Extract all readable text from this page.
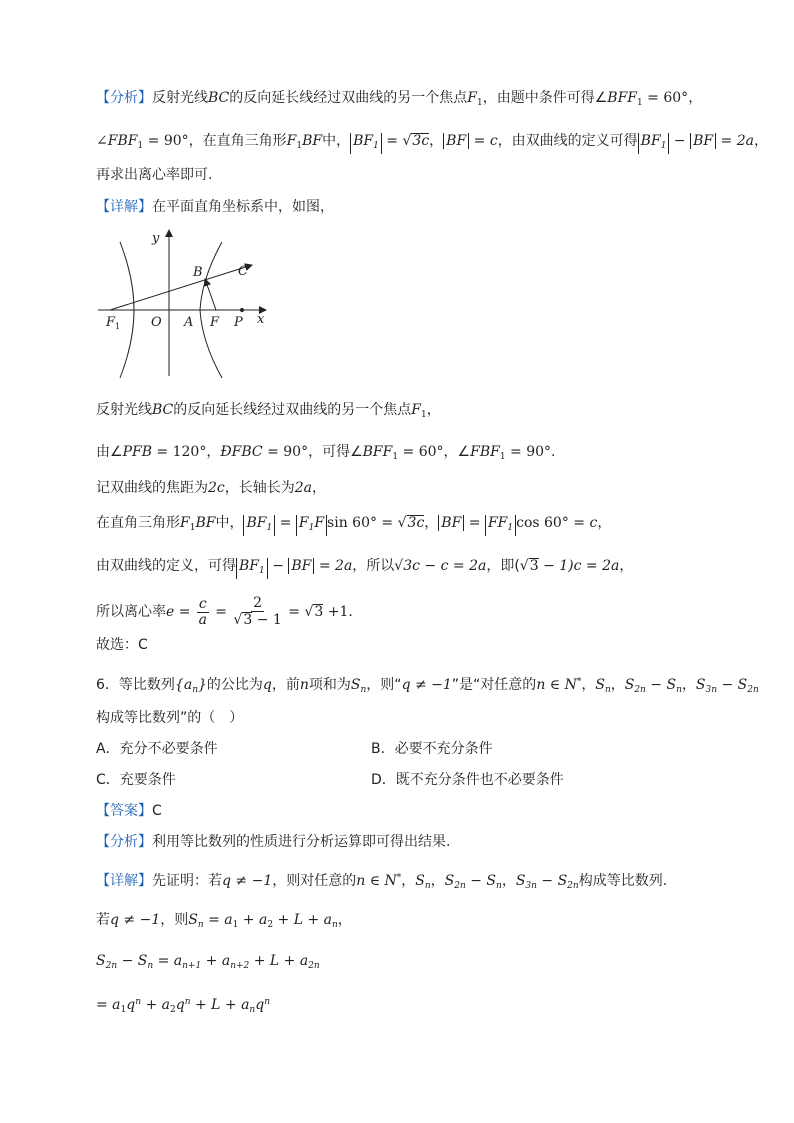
【分析】反射光线BC的反向延长线经过双曲线的另一个焦点$F_1$，由题中条件可得$\angle BFF_1 = 60^\circ$，
$\angle FBF_1 = 90^\circ$，在直角三角形$F_1BF$中， $BF_1 = √3c$， BF = c，由双曲线的定义可得 $BF_1$ − BF = 2a，
再求出离心率即可.
【详解】在平面直角坐标系中，如图，
y
x
B	C
F 1 O A F P
反射光线BC的反向延长线经过双曲线的另一个焦点$F_1$，
由∠PFB = 120°，ÐFBC = 90°，可得$\angle BFF_1 = 60^\circ$，$\angle FBF_1 = 90^\circ$.
记双曲线的焦距为2c，长轴长为2a，
在直角三角形$F_1BF$中， $BF_1 = F_1F$ sin 60° = √3c， BF = $FF_1$ cos 60° = c，
由双曲线的定义，可得 $BF_1$ − BF = 2a，所以√3c − c = 2a，即(√3 − 1)c = 2a，
所以离心率$e = \frac{c}{a} = \frac{2}{√3 - 1} = √3 +1$.
故选：C
6．等比数列$\{a_n\}$的公比为q，前n项和为$S_n$，则“q ≠ −1”是“对任意的n ∈ N*，$S_n$，$S_{2n} - S_n$，$S_{3n} - S_{2n}$
构成等比数列”的（　）
A．充分不必要条件	B．必要不充分条件
C．充要条件	D．既不充分条件也不必要条件
【答案】C
【分析】利用等比数列的性质进行分析运算即可得出结果.
【详解】先证明：若q ≠ −1，则对任意的n ∈ N*，$S_n$，$S_{2n} - S_n$，$S_{3n} - S_{2n}$构成等比数列.
若q ≠ −1，则$S_n = a_1 + a_2 + L + a_n$，
$S_{2n} - S_n = a_{n+1} + a_{n+2} + L + a_{2n}$
= $a_1q^n + a_2q^n + L + a_nq^n$
